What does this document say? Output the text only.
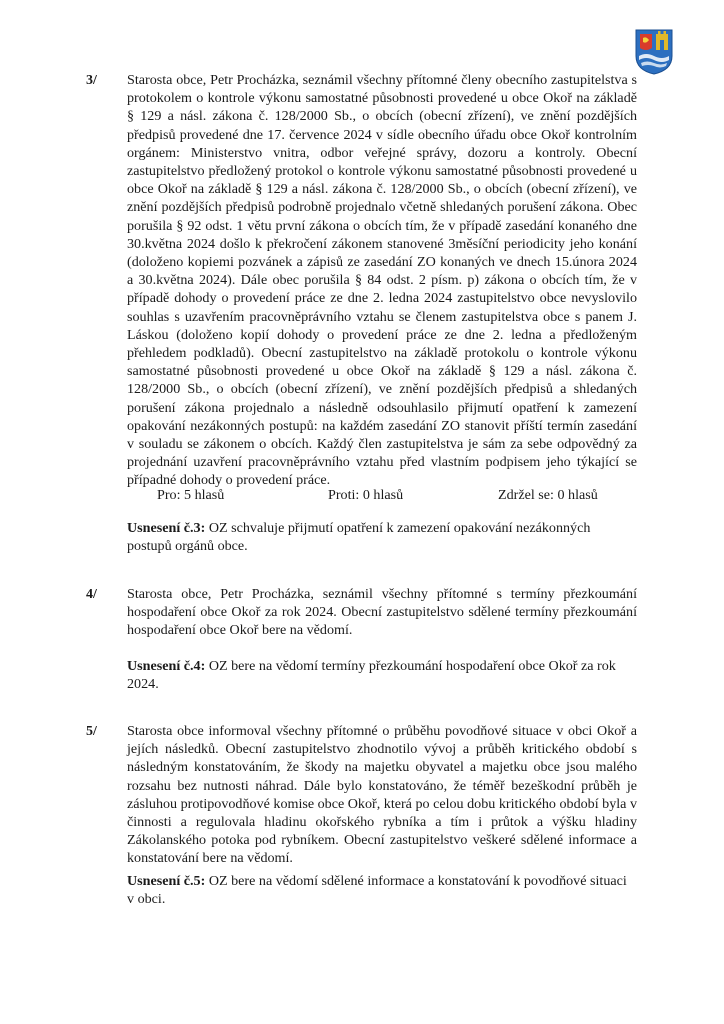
3/	Starosta obce, Petr Procházka, seznámil všechny přítomné členy obecního zastupitelstva s protokolem o kontrole výkonu samostatné působnosti provedené u obce Okoř na základě § 129 a násl. zákona č. 128/2000 Sb., o obcích (obecní zřízení), ve znění pozdějších předpisů provedené dne 17. července 2024 v sídle obecního úřadu obce Okoř kontrolním orgánem: Ministerstvo vnitra, odbor veřejné správy, dozoru a kontroly. Obecní zastupitelstvo předložený protokol o kontrole výkonu samostatné působnosti provedené u obce Okoř na základě § 129 a násl. zákona č. 128/2000 Sb., o obcích (obecní zřízení), ve znění pozdějších předpisů podrobně projednalo včetně shledaných porušení zákona. Obec porušila § 92 odst. 1 větu první zákona o obcích tím, že v případě zasedání konaného dne 30.května 2024 došlo k překročení zákonem stanovené 3měsíční periodicity jeho konání (doloženo kopiemi pozvánek a zápisů ze zasedání ZO konaných ve dnech 15.února 2024 a 30.května 2024). Dále obec porušila § 84 odst. 2 písm. p) zákona o obcích tím, že v případě dohody o provedení práce ze dne 2. ledna 2024 zastupitelstvo obce nevyslovilo souhlas s uzavřením pracovněprávního vztahu se členem zastupitelstva obce s panem J. Láskou (doloženo kopií dohody o provedení práce ze dne 2. ledna a předloženým přehledem podkladů). Obecní zastupitelstvo na základě protokolu o kontrole výkonu samostatné působnosti provedené u obce Okoř na základě § 129 a násl. zákona č. 128/2000 Sb., o obcích (obecní zřízení), ve znění pozdějších předpisů a shledaných porušení zákona projednalo a následně odsouhlasilo přijmutí opatření k zamezení opakování nezákonných postupů: na každém zasedání ZO stanovit příští termín zasedání v souladu se zákonem o obcích. Každý člen zastupitelstva je sám za sebe odpovědný za projednání uzavření pracovněprávního vztahu před vlastním podpisem jeho týkající se případné dohody o provedení práce.
Pro: 5 hlasů	Proti: 0 hlasů	Zdržel se: 0 hlasů
Usnesení č.3: OZ schvaluje přijmutí opatření k zamezení opakování nezákonných postupů orgánů obce.
4/	Starosta obce, Petr Procházka, seznámil všechny přítomné s termíny přezkoumání hospodaření obce Okoř za rok 2024. Obecní zastupitelstvo sdělené termíny přezkoumání hospodaření obce Okoř bere na vědomí.
Usnesení č.4: OZ bere na vědomí termíny přezkoumání hospodaření obce Okoř za rok 2024.
5/	Starosta obce informoval všechny přítomné o průběhu povodňové situace v obci Okoř a jejích následků. Obecní zastupitelstvo zhodnotilo vývoj a průběh kritického období s následným konstatováním, že škody na majetku obyvatel a majetku obce jsou malého rozsahu bez nutnosti náhrad. Dále bylo konstatováno, že téměř bezeškodní průběh je zásluhou protipovodňové komise obce Okoř, která po celou dobu kritického období byla v činnosti a regulovala hladinu okořského rybníka a tím i průtok a výšku hladiny Zákolanského potoka pod rybníkem. Obecní zastupitelstvo veškeré sdělené informace a konstatování bere na vědomí.
Usnesení č.5: OZ bere na vědomí sdělené informace a konstatování k povodňové situaci v obci.
